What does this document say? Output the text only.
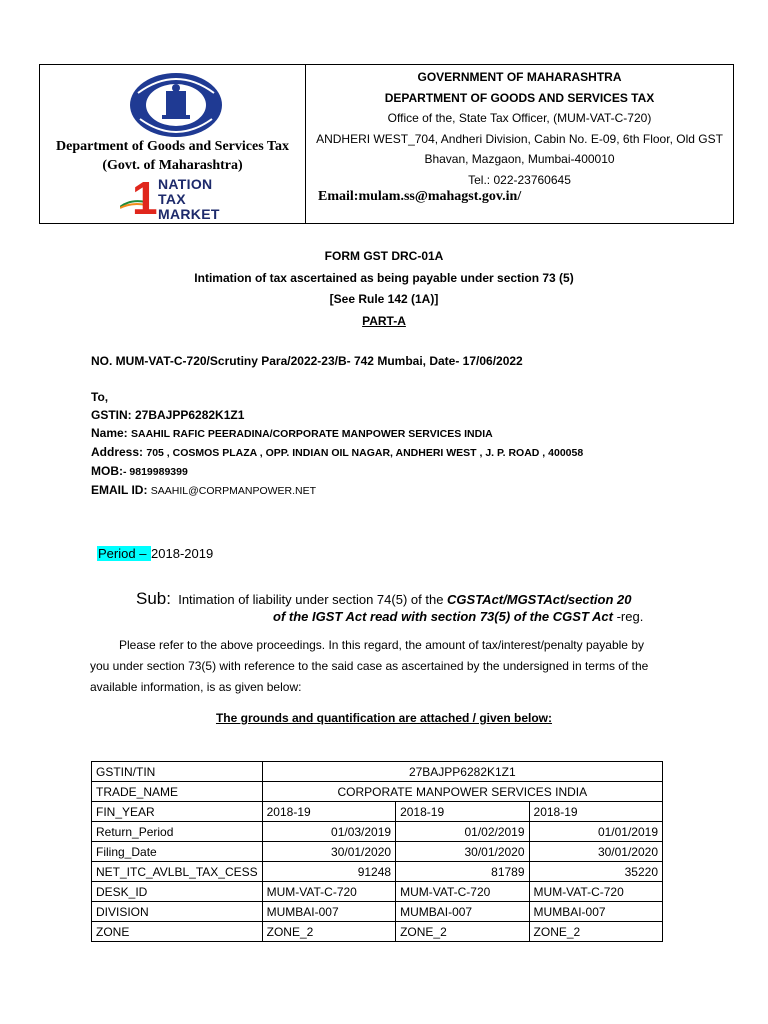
Department of Goods and Services Tax
(Govt. of Maharashtra)
1 NATION
TAX
MARKET
GOVERNMENT OF MAHARASHTRA
DEPARTMENT OF GOODS AND SERVICES TAX
Office of the, State Tax Officer, (MUM-VAT-C-720)
ANDHERI WEST_704, Andheri Division, Cabin No. E-09, 6th Floor, Old GST
Bhavan, Mazgaon, Mumbai-400010
Tel.: 022-23760645
Email:mulam.ss@mahagst.gov.in/
FORM GST DRC-01A
Intimation of tax ascertained as being payable under section 73 (5)
[See Rule 142 (1A)]
PART-A
NO. MUM-VAT-C-720/Scrutiny Para/2022-23/B- 742 Mumbai, Date- 17/06/2022
To,
GSTIN: 27BAJPP6282K1Z1
Name: SAAHIL RAFIC PEERADINA/CORPORATE MANPOWER SERVICES INDIA
Address: 705 , COSMOS PLAZA , OPP. INDIAN OIL NAGAR, ANDHERI WEST , J. P. ROAD , 400058
MOB:- 9819989399
EMAIL ID: SAAHIL@CORPMANPOWER.NET
Period – 2018-2019
Sub: Intimation of liability under section 74(5) of the CGSTAct/MGSTAct/section 20
of the IGST Act read with section 73(5) of the CGST Act -reg.
Please refer to the above proceedings. In this regard, the amount of tax/interest/penalty payable by
you under section 73(5) with reference to the said case as ascertained by the undersigned in terms of the
available information, is as given below:
The grounds and quantification are attached / given below:
GSTIN/TIN	27BAJPP6282K1Z1		
TRADE_NAME	CORPORATE MANPOWER SERVICES INDIA		
FIN_YEAR	2018-19	2018-19	2018-19
Return_Period	01/03/2019	01/02/2019	01/01/2019
Filing_Date	30/01/2020	30/01/2020	30/01/2020
NET_ITC_AVLBL_TAX_CESS	91248	81789	35220
DESK_ID	MUM-VAT-C-720	MUM-VAT-C-720	MUM-VAT-C-720
DIVISION	MUMBAI-007	MUMBAI-007	MUMBAI-007
ZONE	ZONE_2	ZONE_2	ZONE_2
